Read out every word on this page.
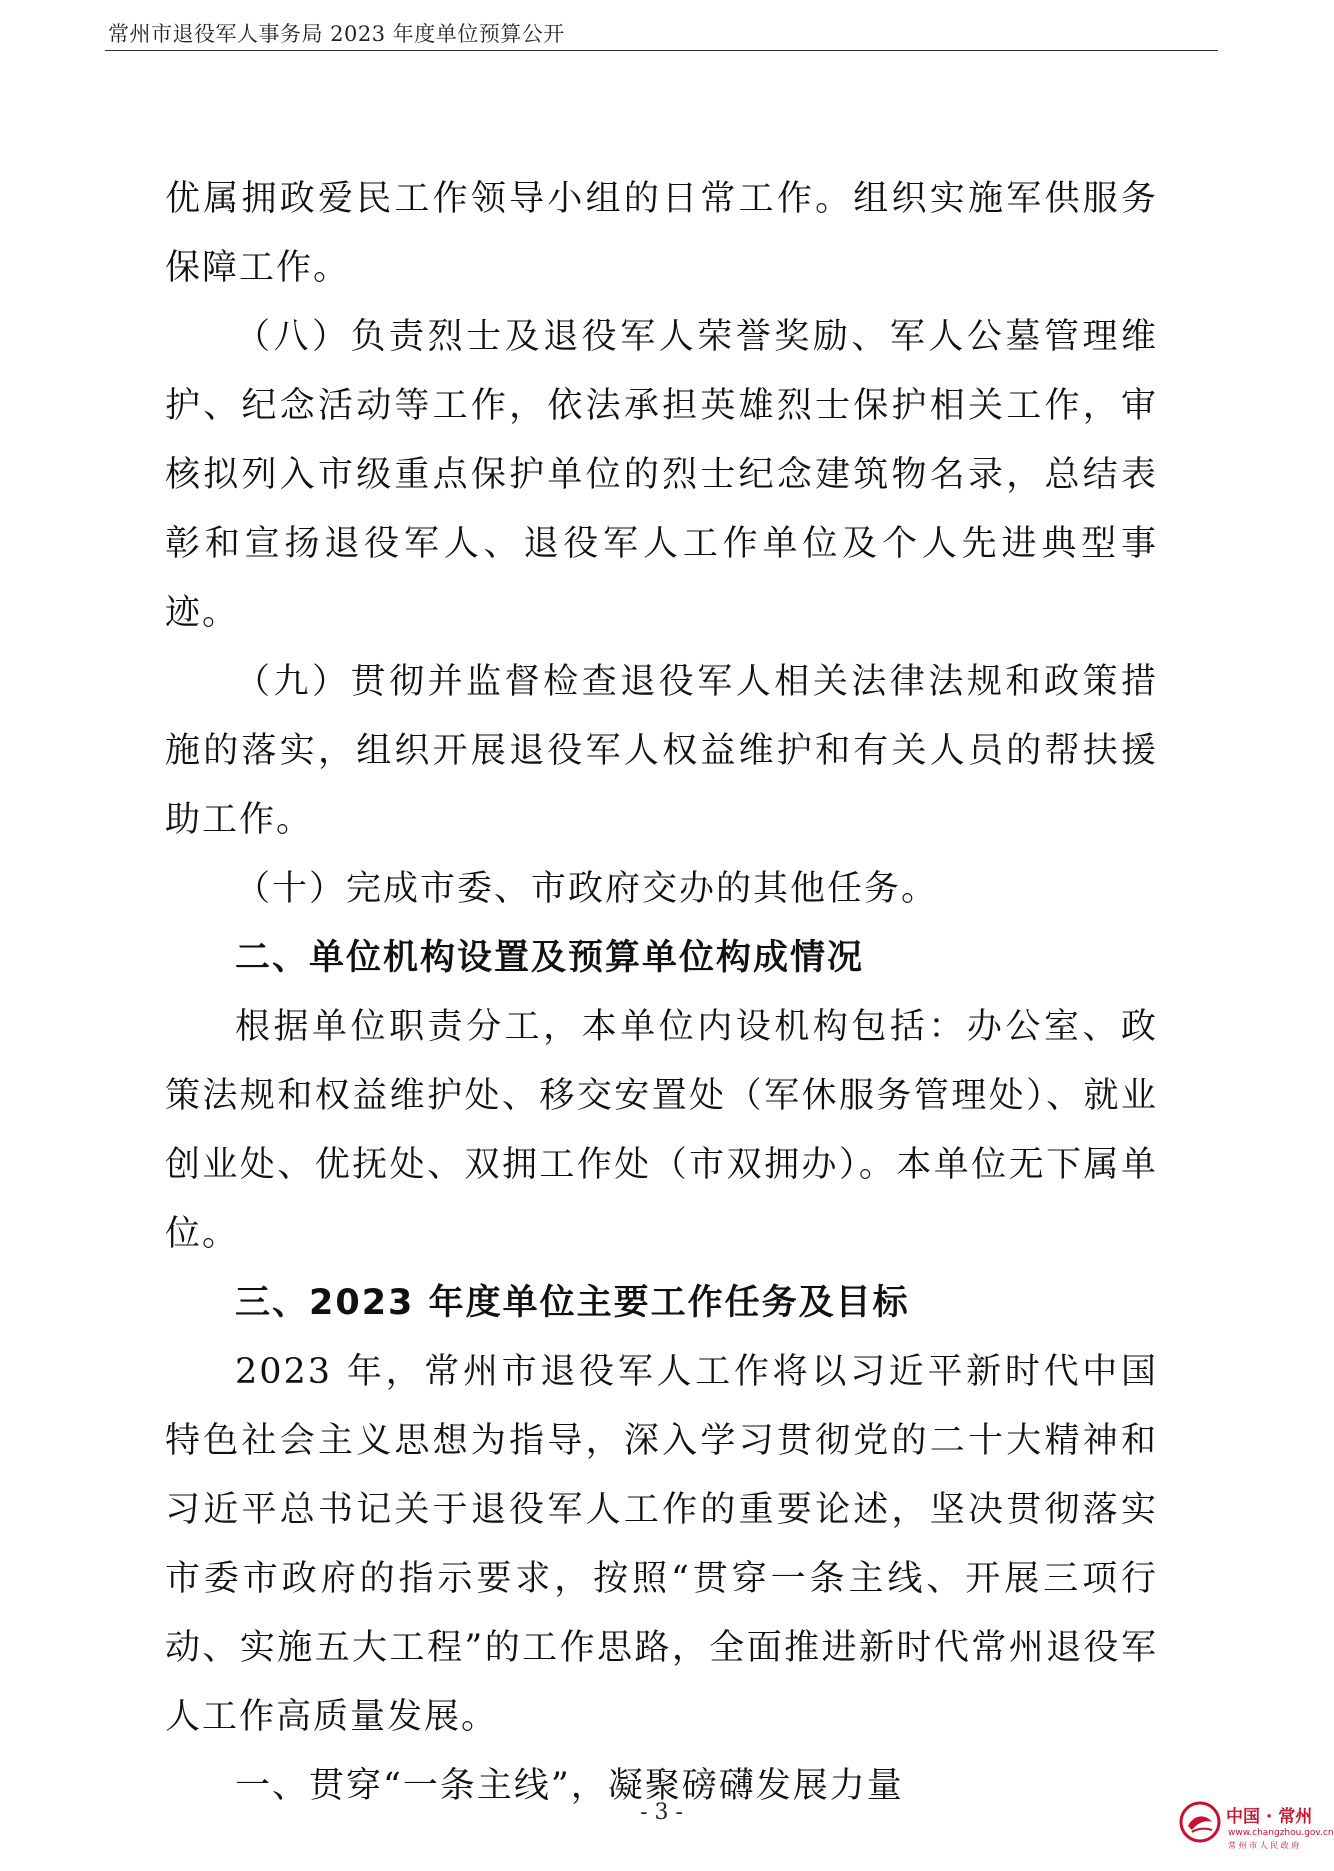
常州市退役军人事务局 2023 年度单位预算公开

优属拥政爱民工作领导小组的日常工作。组织实施军供服务保障工作。

（八）负责烈士及退役军人荣誉奖励、军人公墓管理维护、纪念活动等工作，依法承担英雄烈士保护相关工作，审核拟列入市级重点保护单位的烈士纪念建筑物名录，总结表彰和宣扬退役军人、退役军人工作单位及个人先进典型事迹。

（九）贯彻并监督检查退役军人相关法律法规和政策措施的落实，组织开展退役军人权益维护和有关人员的帮扶援助工作。

（十）完成市委、市政府交办的其他任务。

二、单位机构设置及预算单位构成情况

根据单位职责分工，本单位内设机构包括：办公室、政策法规和权益维护处、移交安置处（军休服务管理处）、就业创业处、优抚处、双拥工作处（市双拥办）。本单位无下属单位。

三、2023 年度单位主要工作任务及目标

2023 年，常州市退役军人工作将以习近平新时代中国特色社会主义思想为指导，深入学习贯彻党的二十大精神和习近平总书记关于退役军人工作的重要论述，坚决贯彻落实市委市政府的指示要求，按照“贯穿一条主线、开展三项行动、实施五大工程”的工作思路，全面推进新时代常州退役军人工作高质量发展。

一、贯穿“一条主线”，凝聚磅礴发展力量

- 3 -	中国 · 常州
www.changzhou.gov.cn
常 州 市 人 民 政 府
